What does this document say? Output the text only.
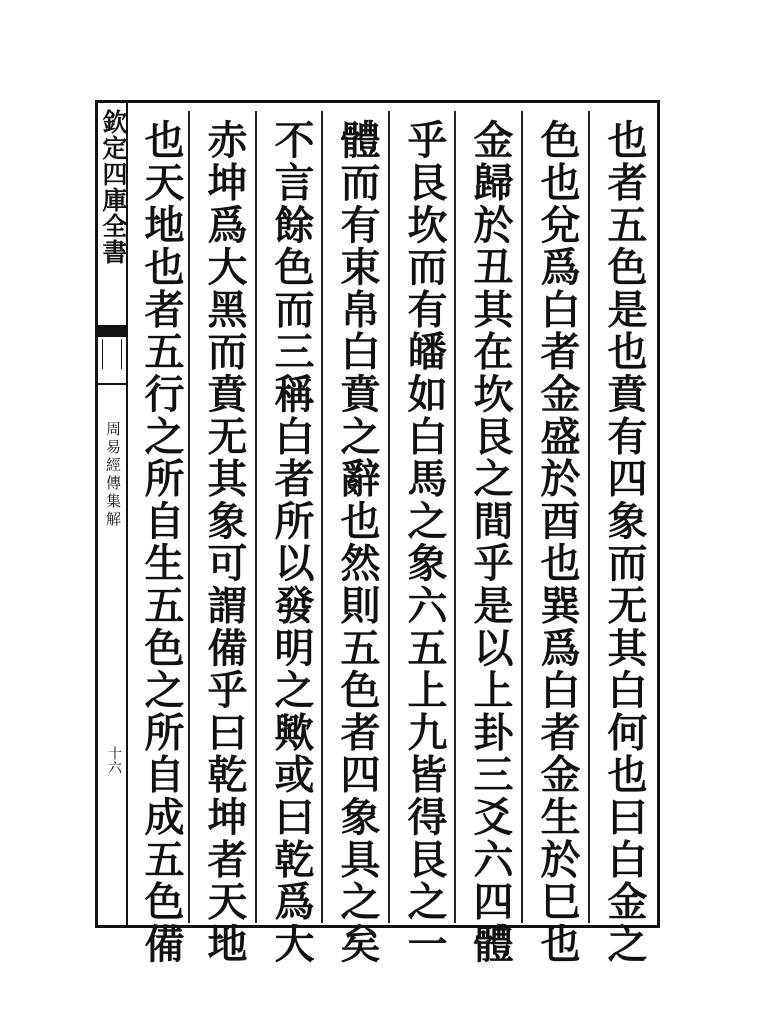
欽定四庫全書
周易經傳集解
十六	也者五色是也賁有四象而无其白何也曰白金之
色也兌爲白者金盛於酉也巽爲白者金生於巳也
金歸於丑其在坎艮之間乎是以上卦三爻六四體
乎艮坎而有皤如白馬之象六五上九皆得艮之一
體而有束帛白賁之辭也然則五色者四象具之矣
不言餘色而三稱白者所以發明之歟或曰乾爲大
赤坤爲大黑而賁无其象可謂備乎曰乾坤者天地
也天地也者五行之所自生五色之所自成五色備
